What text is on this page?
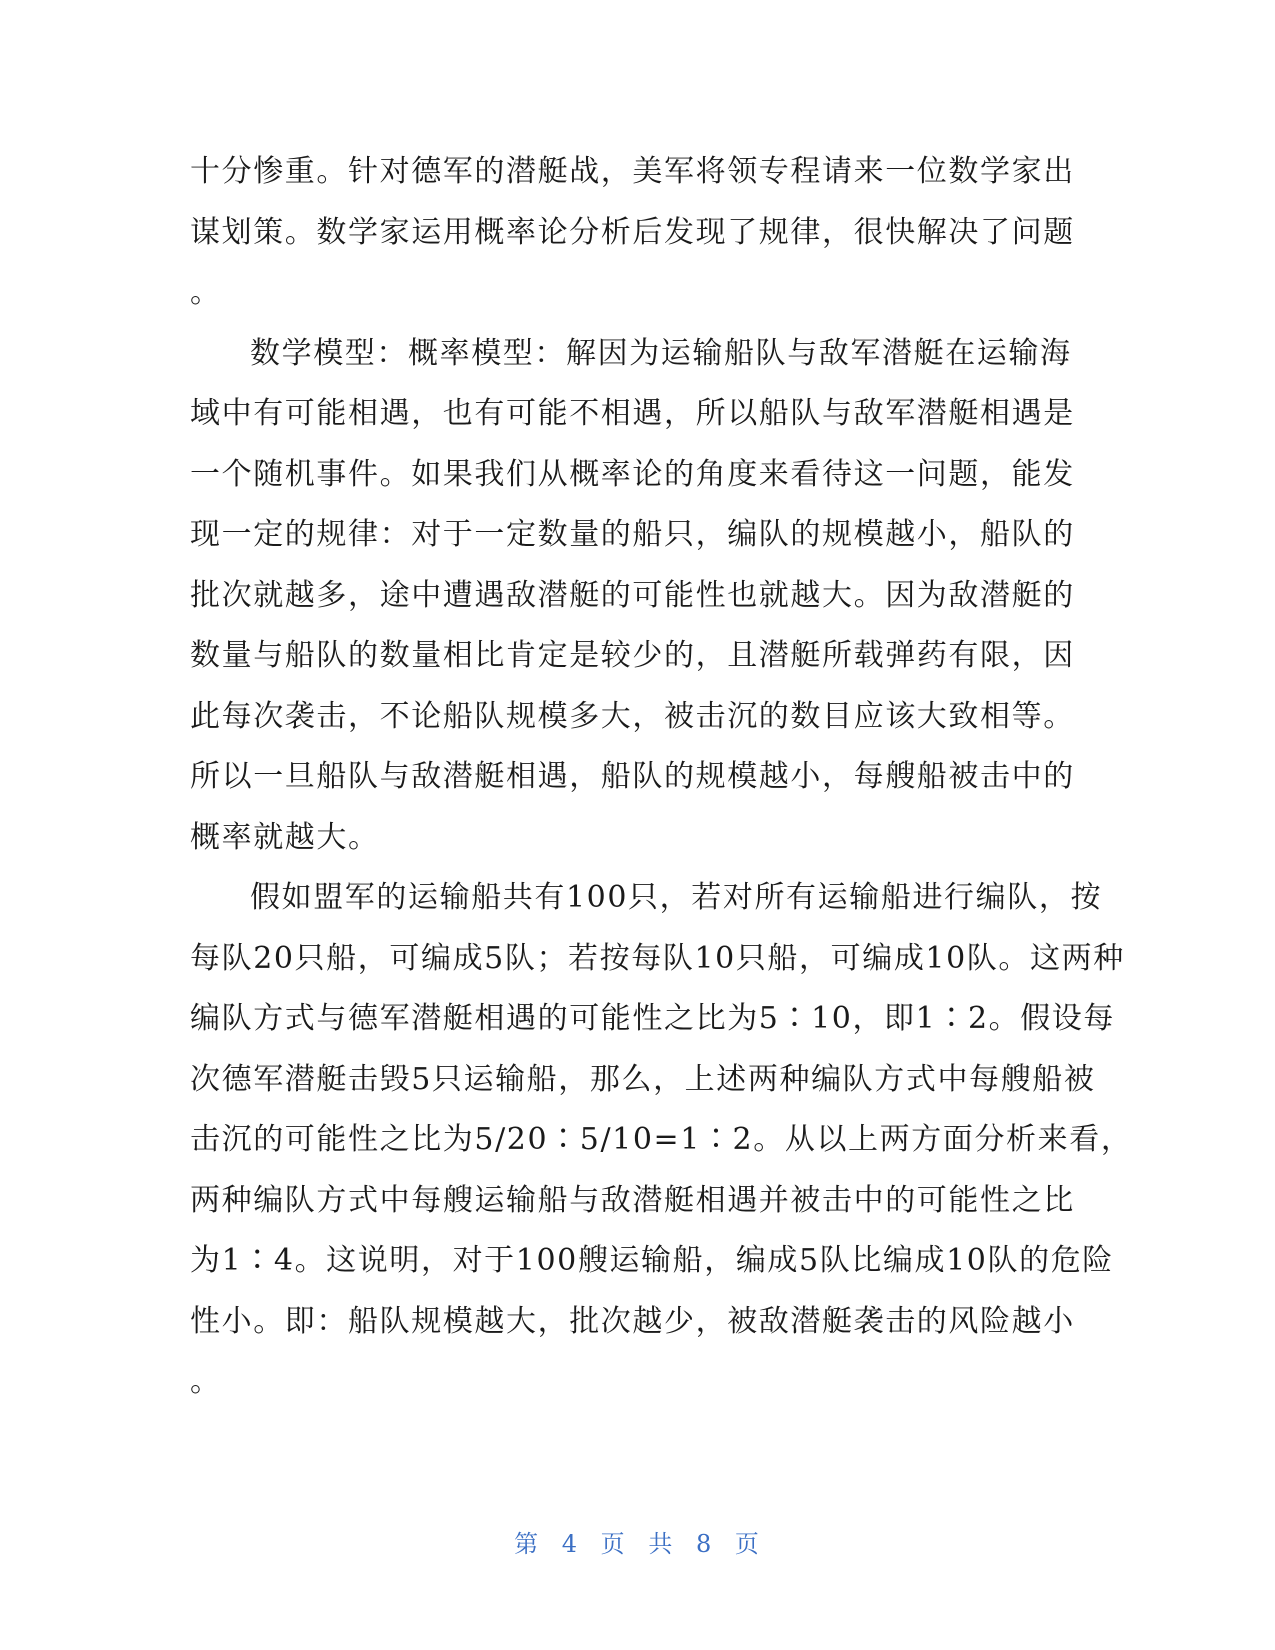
十分惨重。针对德军的潜艇战，美军将领专程请来一位数学家出
谋划策。数学家运用概率论分析后发现了规律，很快解决了问题
。
数学模型：概率模型：解因为运输船队与敌军潜艇在运输海
域中有可能相遇，也有可能不相遇，所以船队与敌军潜艇相遇是
一个随机事件。如果我们从概率论的角度来看待这一问题，能发
现一定的规律：对于一定数量的船只，编队的规模越小，船队的
批次就越多，途中遭遇敌潜艇的可能性也就越大。因为敌潜艇的
数量与船队的数量相比肯定是较少的，且潜艇所载弹药有限，因
此每次袭击，不论船队规模多大，被击沉的数目应该大致相等。
所以一旦船队与敌潜艇相遇，船队的规模越小，每艘船被击中的
概率就越大。
假如盟军的运输船共有100只，若对所有运输船进行编队，按
每队20只船，可编成5队；若按每队10只船，可编成10队。这两种
编队方式与德军潜艇相遇的可能性之比为5∶10，即1∶2。假设每
次德军潜艇击毁5只运输船，那么，上述两种编队方式中每艘船被
击沉的可能性之比为5/20∶5/10=1∶2。从以上两方面分析来看，
两种编队方式中每艘运输船与敌潜艇相遇并被击中的可能性之比
为1∶4。这说明，对于100艘运输船，编成5队比编成10队的危险
性小。即：船队规模越大，批次越少，被敌潜艇袭击的风险越小
。
第 4 页 共 8 页
